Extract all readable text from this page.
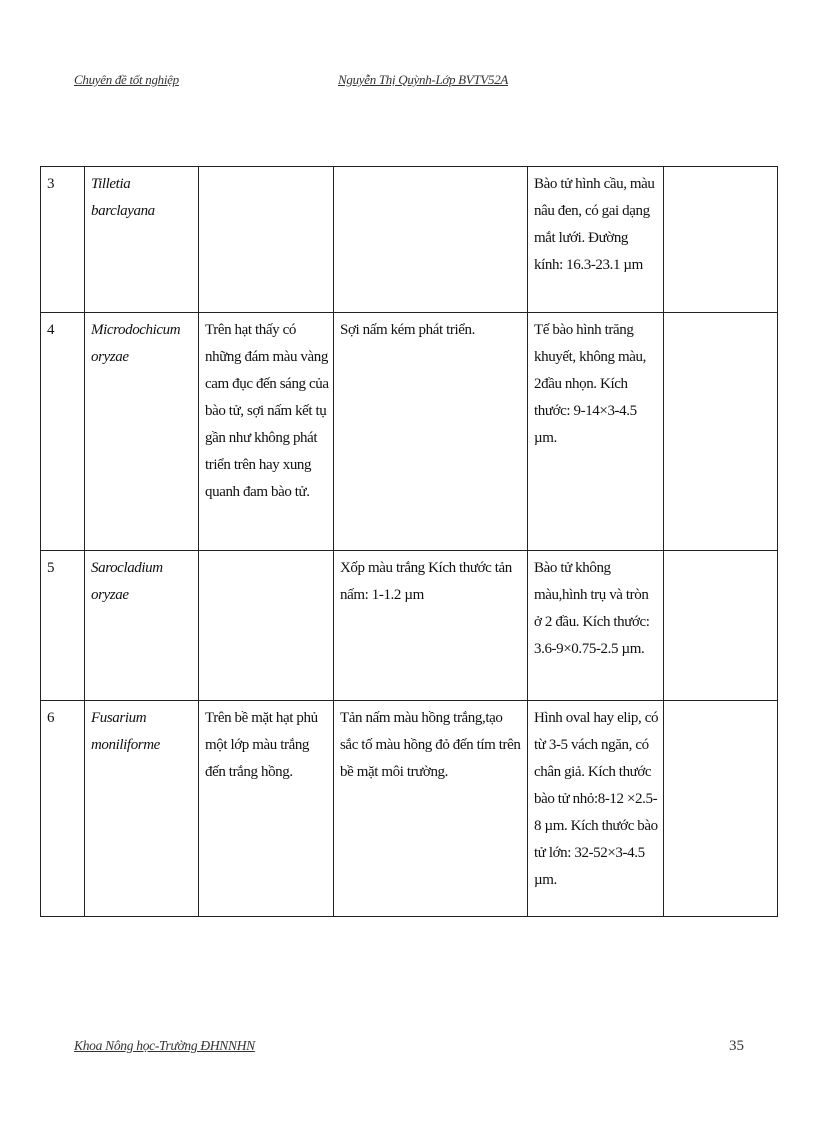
Chuyên đề tốt nghiệp	Nguyễn Thị Quỳnh-Lớp BVTV52A
3	Tilletia barclayana			Bào tử hình cầu, màu nâu đen, có gai dạng mắt lưới. Đường kính: 16.3-23.1 µm	
4	Microdochicum oryzae	Trên hạt thấy có những đám màu vàng cam đục đến sáng của bào tử, sợi nấm kết tụ gần như không phát triển trên hay xung quanh đam bào tử.	Sợi nấm kém phát triển.	Tế bào hình trăng khuyết, không màu, 2đầu nhọn. Kích thước: 9-14×3-4.5 µm.	
5	Sarocladium oryzae		Xốp màu trắng Kích thước tản nấm: 1-1.2 µm	Bào tử không màu,hình trụ và tròn ở 2 đầu. Kích thước: 3.6-9×0.75-2.5 µm.	
6	Fusarium moniliforme	Trên bề mặt hạt phủ một lớp màu trắng đến trắng hồng.	Tản nấm màu hồng trắng,tạo sắc tố màu hồng đỏ đến tím trên bề mặt môi trường.	Hình oval hay elip, có từ 3-5 vách ngăn, có chân giả. Kích thước bào tử nhỏ:8-12 ×2.5-8 µm. Kích thước bào tử lớn: 32-52×3-4.5 µm.	
Khoa Nông học-Trường ĐHNNHN	35
